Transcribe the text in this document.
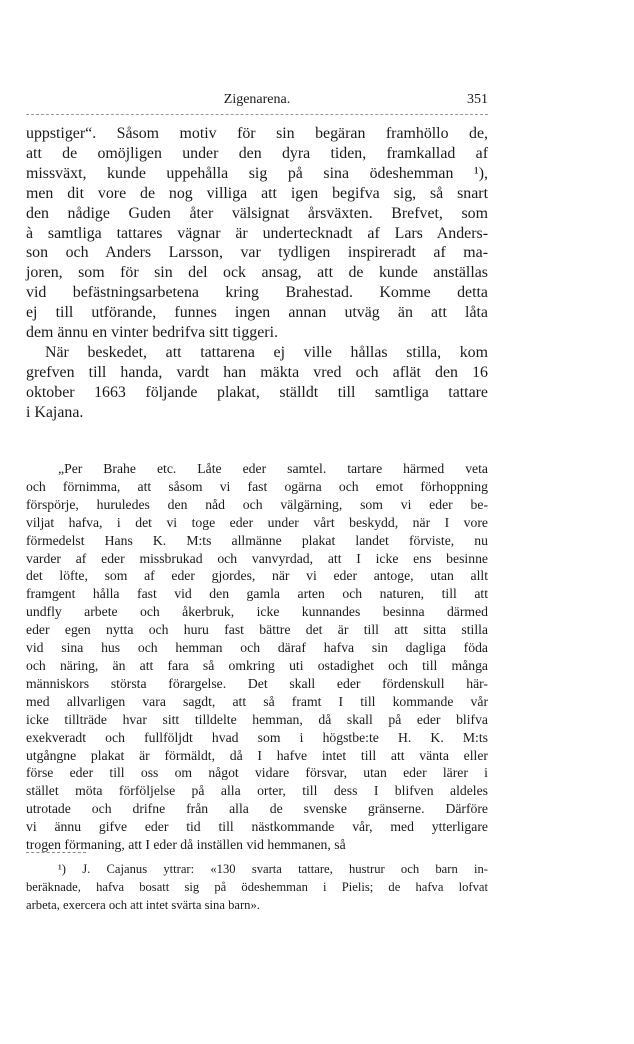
Zigenarena.	351

uppstiger“. Såsom motiv för sin begäran framhöllo de,

att de omöjligen under den dyra tiden, framkallad af

missväxt, kunde uppehålla sig på sina ödeshemman ¹),

men dit vore de nog villiga att igen begifva sig, så snart

den nådige Guden åter välsignat årsväxten. Brefvet, som

à samtliga tattares vägnar är undertecknadt af Lars Anders-

son och Anders Larsson, var tydligen inspireradt af ma-

joren, som för sin del ock ansag, att de kunde anställas

vid befästningsarbetena kring Brahestad. Komme detta

ej till utförande, funnes ingen annan utväg än att låta

dem ännu en vinter bedrifva sitt tiggeri.

När beskedet, att tattarena ej ville hållas stilla, kom

grefven till handa, vardt han mäkta vred och aflät den 16

oktober 1663 följande plakat, ställdt till samtliga tattare

i Kajana.

„Per Brahe etc. Låte eder samtel. tartare härmed veta

och förnimma, att såsom vi fast ogärna och emot förhoppning

förspörje, huruledes den nåd och välgärning, som vi eder be-

viljat hafva, i det vi toge eder under vårt beskydd, när I vore

förmedelst Hans K. M:ts allmänne plakat landet förviste, nu

varder af eder missbrukad och vanvyrdad, att I icke ens besinne

det löfte, som af eder gjordes, när vi eder antoge, utan allt

framgent hålla fast vid den gamla arten och naturen, till att

undfly arbete och åkerbruk, icke kunnandes besinna därmed

eder egen nytta och huru fast bättre det är till att sitta stilla

vid sina hus och hemman och däraf hafva sin dagliga föda

och näring, än att fara så omkring uti ostadighet och till många

människors största förargelse. Det skall eder fördenskull här-

med allvarligen vara sagdt, att så framt I till kommande vår

icke tillträde hvar sitt tilldelte hemman, då skall på eder blifva

exekveradt och fullföljdt hvad som i högstbe:te H. K. M:ts

utgångne plakat är förmäldt, då I hafve intet till att vänta eller

förse eder till oss om något vidare försvar, utan eder lärer i

stället möta förföljelse på alla orter, till dess I blifven aldeles

utrotade och drifne från alla de svenske gränserne. Därföre

vi ännu gifve eder tid till nästkommande vår, med ytterligare

trogen förmaning, att I eder då inställen vid hemmanen, så

¹) J. Cajanus yttrar: «130 svarta tattare, hustrur och barn in-

beräknade, hafva bosatt sig på ödeshemman i Pielis; de hafva lofvat

arbeta, exercera och att intet svärta sina barn».
